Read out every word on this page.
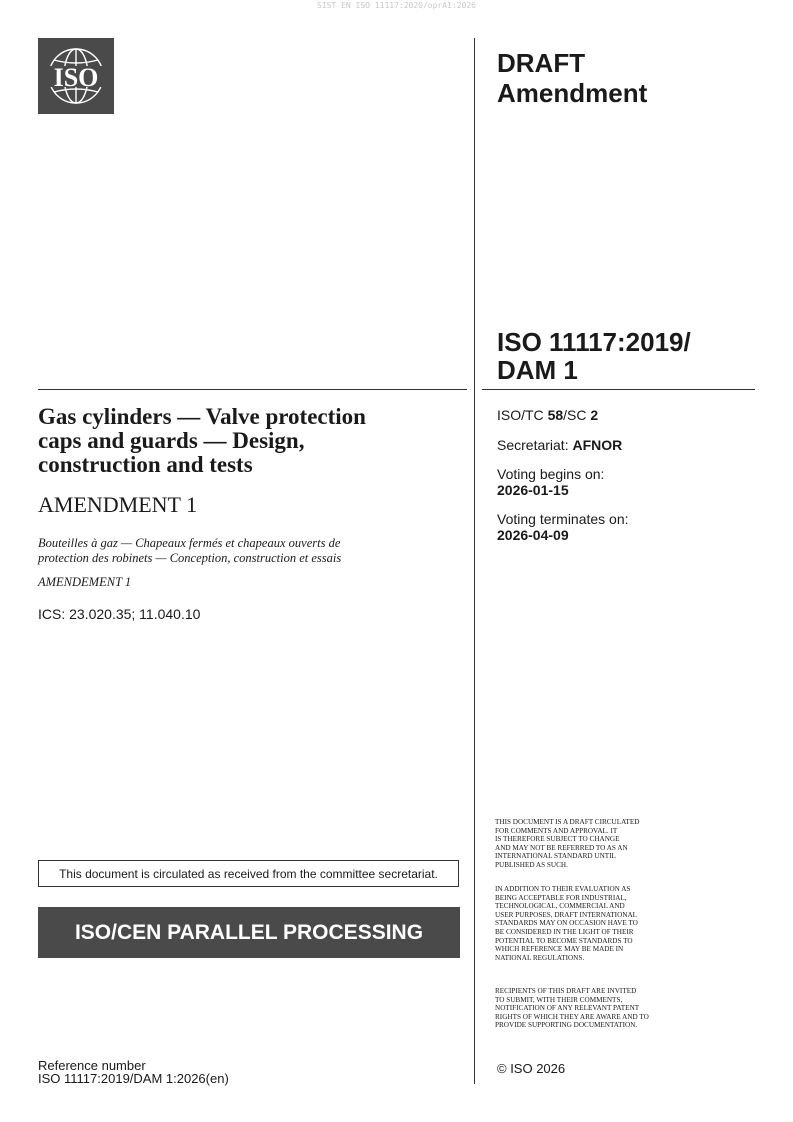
SIST EN ISO 11117:2020/oprA1:2026
ISO	DRAFT
Amendment
ISO 11117:2019/
DAM 1
Gas cylinders — Valve protection
caps and guards — Design,
construction and tests
AMENDMENT 1
Bouteilles à gaz — Chapeaux fermés et chapeaux ouverts de
protection des robinets — Conception, construction et essais
AMENDEMENT 1
ICS: 23.020.35; 11.040.10
ISO/TC 58/SC 2
Secretariat: AFNOR
Voting begins on:
2026-01-15
Voting terminates on:
2026-04-09
This document is circulated as received from the committee secretariat.
ISO/CEN PARALLEL PROCESSING
Reference number
ISO 11117:2019/DAM 1:2026(en)
THIS DOCUMENT IS A DRAFT CIRCULATED
FOR COMMENTS AND APPROVAL. IT
IS THEREFORE SUBJECT TO CHANGE
AND MAY NOT BE REFERRED TO AS AN
INTERNATIONAL STANDARD UNTIL
PUBLISHED AS SUCH.
IN ADDITION TO THEIR EVALUATION AS
BEING ACCEPTABLE FOR INDUSTRIAL,
TECHNOLOGICAL, COMMERCIAL AND
USER PURPOSES, DRAFT INTERNATIONAL
STANDARDS MAY ON OCCASION HAVE TO
BE CONSIDERED IN THE LIGHT OF THEIR
POTENTIAL TO BECOME STANDARDS TO
WHICH REFERENCE MAY BE MADE IN
NATIONAL REGULATIONS.
RECIPIENTS OF THIS DRAFT ARE INVITED
TO SUBMIT, WITH THEIR COMMENTS,
NOTIFICATION OF ANY RELEVANT PATENT
RIGHTS OF WHICH THEY ARE AWARE AND TO
PROVIDE SUPPORTING DOCUMENTATION.
© ISO 2026
